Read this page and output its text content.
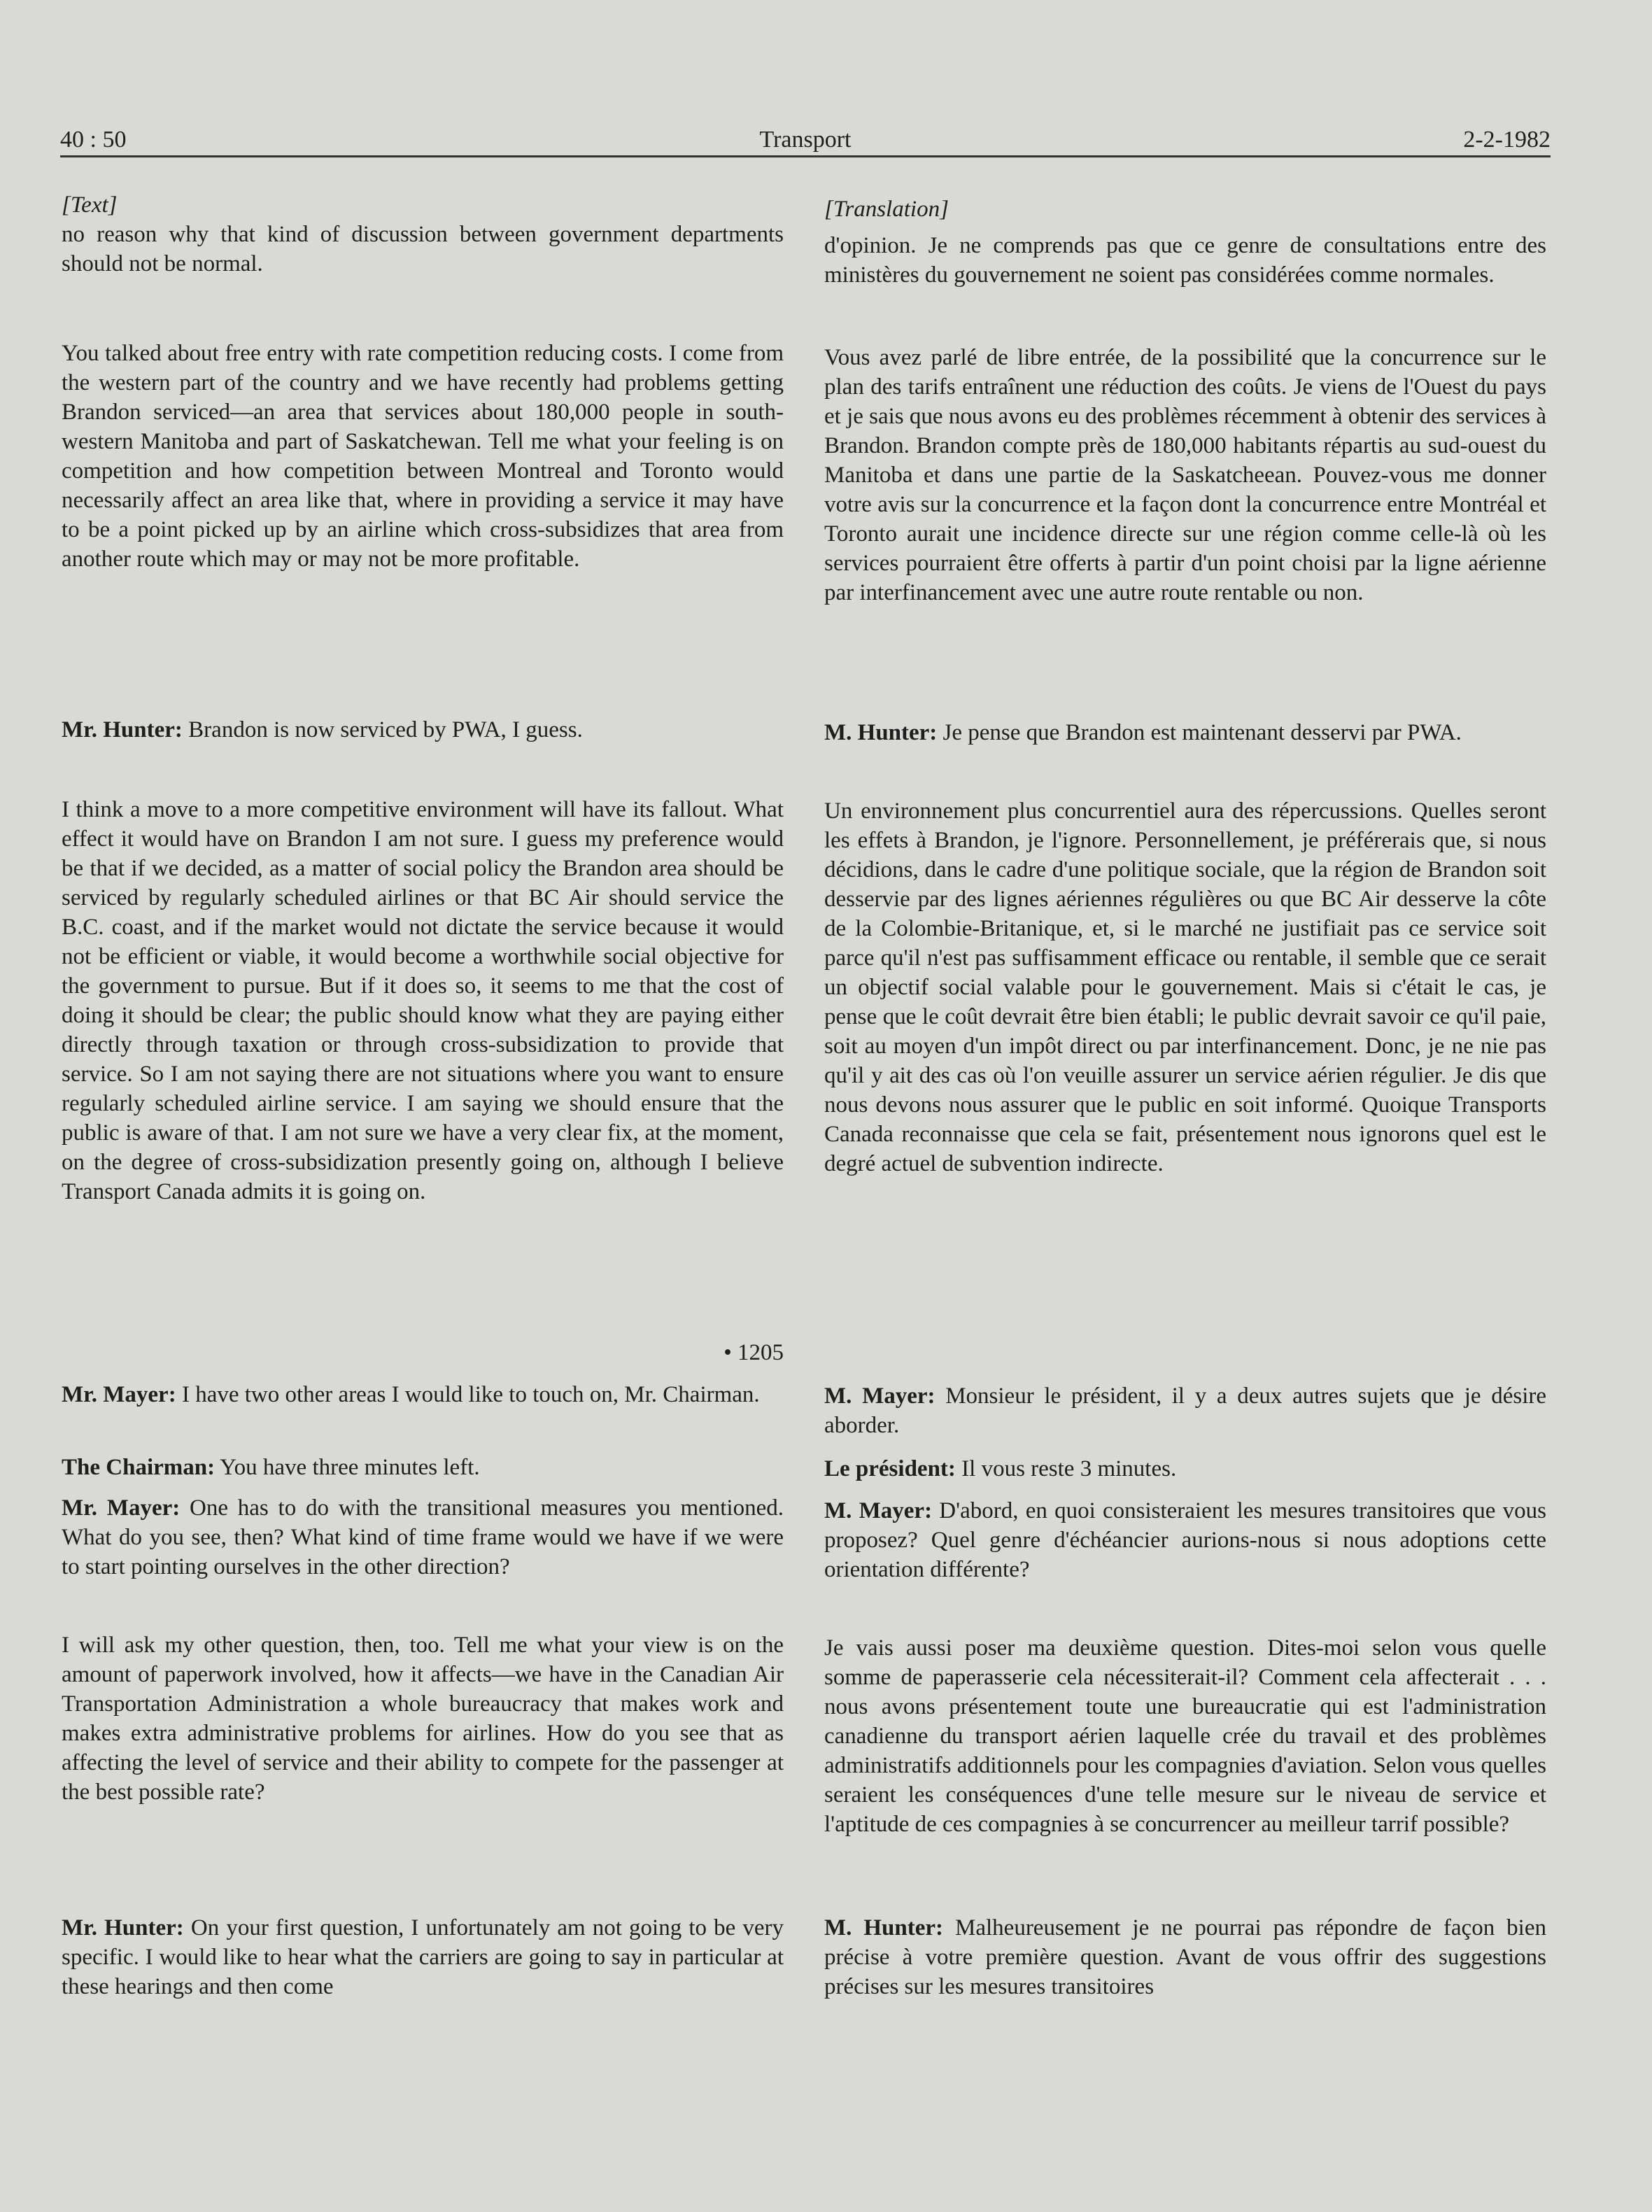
40 : 50	Transport	2-2-1982

[Text]

no reason why that kind of discussion between government departments should not be normal.

You talked about free entry with rate competition reducing costs. I come from the western part of the country and we have recently had problems getting Brandon serviced—an area that services about 180,000 people in south-western Manitoba and part of Saskatchewan. Tell me what your feeling is on competition and how competition between Montreal and Toronto would necessarily affect an area like that, where in providing a service it may have to be a point picked up by an airline which cross-subsidizes that area from another route which may or may not be more profitable.

Mr. Hunter: Brandon is now serviced by PWA, I guess.

I think a move to a more competitive environment will have its fallout. What effect it would have on Brandon I am not sure. I guess my preference would be that if we decided, as a matter of social policy the Brandon area should be serviced by regularly scheduled airlines or that BC Air should service the B.C. coast, and if the market would not dictate the service because it would not be efficient or viable, it would become a worthwhile social objective for the government to pursue. But if it does so, it seems to me that the cost of doing it should be clear; the public should know what they are paying either directly through taxation or through cross-subsidization to provide that service. So I am not saying there are not situations where you want to ensure regularly scheduled airline service. I am saying we should ensure that the public is aware of that. I am not sure we have a very clear fix, at the moment, on the degree of cross-subsidization presently going on, although I believe Transport Canada admits it is going on.

• 1205

Mr. Mayer: I have two other areas I would like to touch on, Mr. Chairman.

The Chairman: You have three minutes left.

Mr. Mayer: One has to do with the transitional measures you mentioned. What do you see, then? What kind of time frame would we have if we were to start pointing ourselves in the other direction?

I will ask my other question, then, too. Tell me what your view is on the amount of paperwork involved, how it affects—we have in the Canadian Air Transportation Administration a whole bureaucracy that makes work and makes extra administrative problems for airlines. How do you see that as affecting the level of service and their ability to compete for the passenger at the best possible rate?

Mr. Hunter: On your first question, I unfortunately am not going to be very specific. I would like to hear what the carriers are going to say in particular at these hearings and then come

[Translation]

d'opinion. Je ne comprends pas que ce genre de consultations entre des ministères du gouvernement ne soient pas considérées comme normales.

Vous avez parlé de libre entrée, de la possibilité que la concurrence sur le plan des tarifs entraînent une réduction des coûts. Je viens de l'Ouest du pays et je sais que nous avons eu des problèmes récemment à obtenir des services à Brandon. Brandon compte près de 180,000 habitants répartis au sud-ouest du Manitoba et dans une partie de la Saskatcheean. Pouvez-vous me donner votre avis sur la concurrence et la façon dont la concurrence entre Montréal et Toronto aurait une incidence directe sur une région comme celle-là où les services pourraient être offerts à partir d'un point choisi par la ligne aérienne par interfinancement avec une autre route rentable ou non.

M. Hunter: Je pense que Brandon est maintenant desservi par PWA.

Un environnement plus concurrentiel aura des répercussions. Quelles seront les effets à Brandon, je l'ignore. Personnellement, je préférerais que, si nous décidions, dans le cadre d'une politique sociale, que la région de Brandon soit desservie par des lignes aériennes régulières ou que BC Air desserve la côte de la Colombie-Britanique, et, si le marché ne justifiait pas ce service soit parce qu'il n'est pas suffisamment efficace ou rentable, il semble que ce serait un objectif social valable pour le gouvernement. Mais si c'était le cas, je pense que le coût devrait être bien établi; le public devrait savoir ce qu'il paie, soit au moyen d'un impôt direct ou par interfinancement. Donc, je ne nie pas qu'il y ait des cas où l'on veuille assurer un service aérien régulier. Je dis que nous devons nous assurer que le public en soit informé. Quoique Transports Canada reconnaisse que cela se fait, présentement nous ignorons quel est le degré actuel de subvention indirecte.

M. Mayer: Monsieur le président, il y a deux autres sujets que je désire aborder.

Le président: Il vous reste 3 minutes.

M. Mayer: D'abord, en quoi consisteraient les mesures transitoires que vous proposez? Quel genre d'échéancier aurions-nous si nous adoptions cette orientation différente?

Je vais aussi poser ma deuxième question. Dites-moi selon vous quelle somme de paperasserie cela nécessiterait-il? Comment cela affecterait . . . nous avons présentement toute une bureaucratie qui est l'administration canadienne du transport aérien laquelle crée du travail et des problèmes administratifs additionnels pour les compagnies d'aviation. Selon vous quelles seraient les conséquences d'une telle mesure sur le niveau de service et l'aptitude de ces compagnies à se concurrencer au meilleur tarrif possible?

M. Hunter: Malheureusement je ne pourrai pas répondre de façon bien précise à votre première question. Avant de vous offrir des suggestions précises sur les mesures transitoires
